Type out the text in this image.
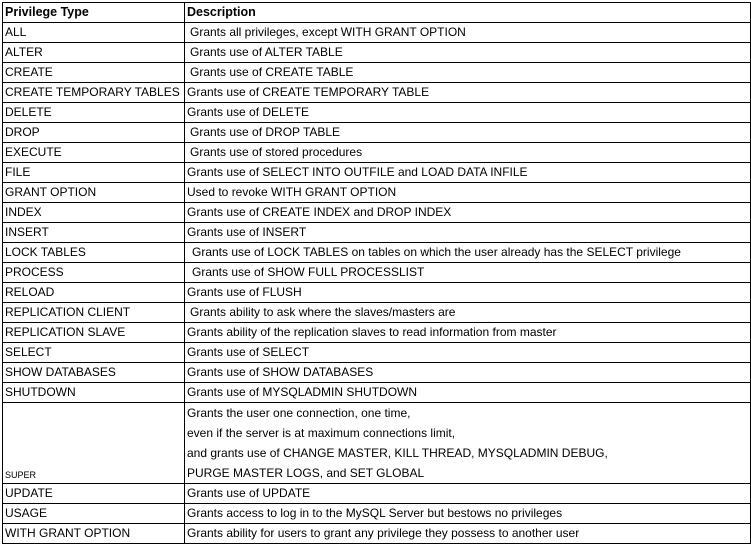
Privilege Type	Description
ALL	Grants all privileges, except WITH GRANT OPTION
ALTER	Grants use of ALTER TABLE
CREATE	Grants use of CREATE TABLE
CREATE TEMPORARY TABLES	Grants use of CREATE TEMPORARY TABLE
DELETE	Grants use of DELETE
DROP	Grants use of DROP TABLE
EXECUTE	Grants use of stored procedures
FILE	Grants use of SELECT INTO OUTFILE and LOAD DATA INFILE
GRANT OPTION	Used to revoke WITH GRANT OPTION
INDEX	Grants use of CREATE INDEX and DROP INDEX
INSERT	Grants use of INSERT
LOCK TABLES	Grants use of LOCK TABLES on tables on which the user already has the SELECT privilege
PROCESS	Grants use of SHOW FULL PROCESSLIST
RELOAD	Grants use of FLUSH
REPLICATION CLIENT	Grants ability to ask where the slaves/masters are
REPLICATION SLAVE	Grants ability of the replication slaves to read information from master
SELECT	Grants use of SELECT
SHOW DATABASES	Grants use of SHOW DATABASES
SHUTDOWN	Grants use of MYSQLADMIN SHUTDOWN
SUPER	Grants the user one connection, one time,
even if the server is at maximum connections limit,
and grants use of CHANGE MASTER, KILL THREAD, MYSQLADMIN DEBUG,
PURGE MASTER LOGS, and SET GLOBAL

UPDATE	Grants use of UPDATE
USAGE	Grants access to log in to the MySQL Server but bestows no privileges
WITH GRANT OPTION	Grants ability for users to grant any privilege they possess to another user
